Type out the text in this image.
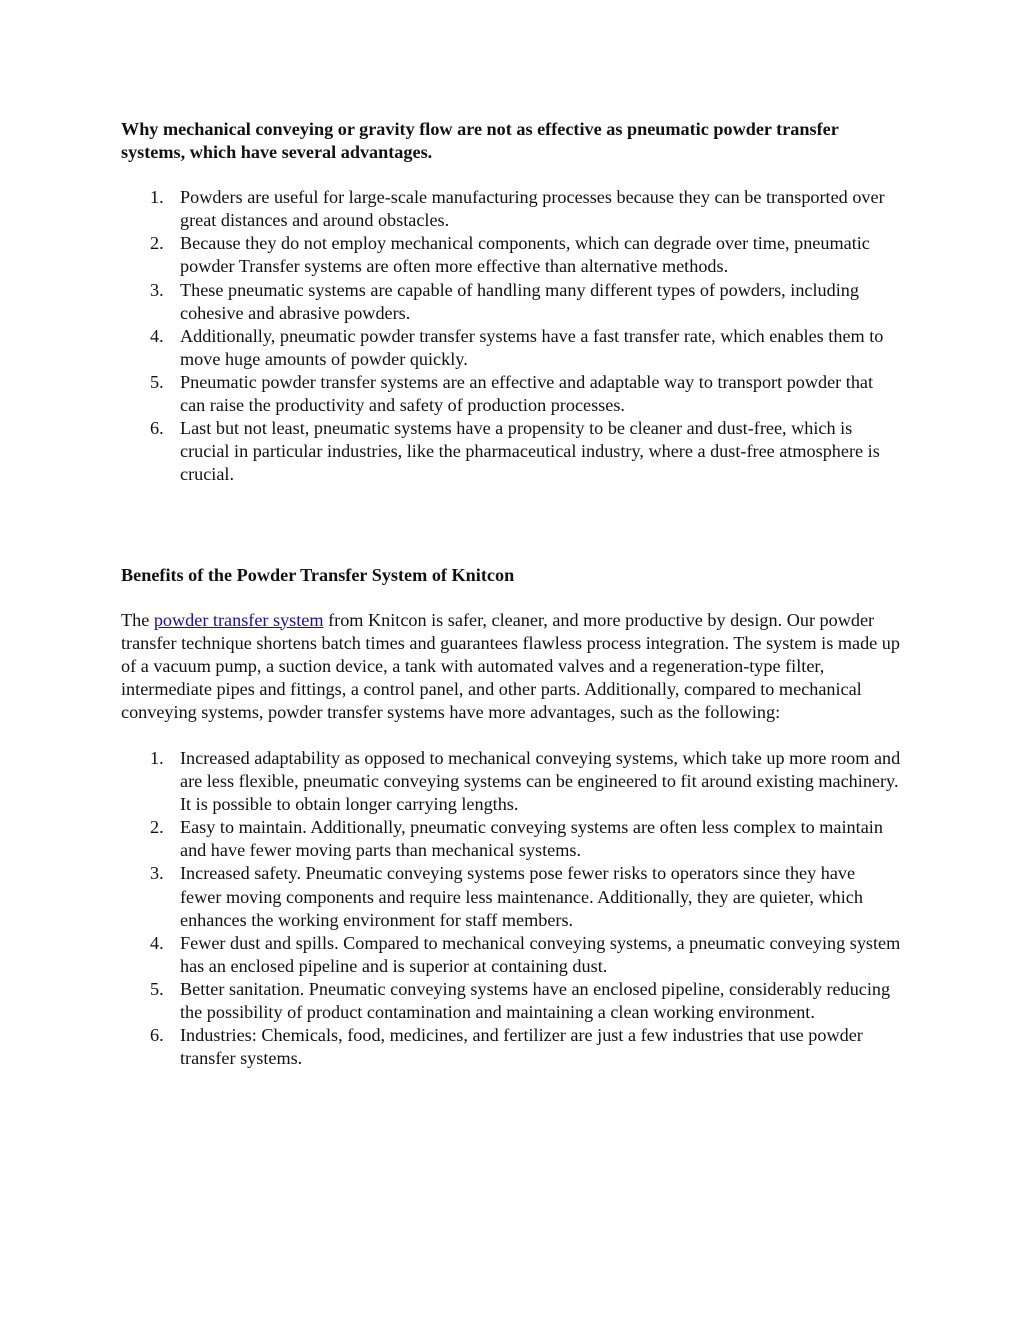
Why mechanical conveying or gravity flow are not as effective as pneumatic powder transfer systems, which have several advantages.

1. Powders are useful for large-scale manufacturing processes because they can be transported over great distances and around obstacles.
2. Because they do not employ mechanical components, which can degrade over time, pneumatic powder Transfer systems are often more effective than alternative methods.
3. These pneumatic systems are capable of handling many different types of powders, including cohesive and abrasive powders.
4. Additionally, pneumatic powder transfer systems have a fast transfer rate, which enables them to move huge amounts of powder quickly.
5. Pneumatic powder transfer systems are an effective and adaptable way to transport powder that can raise the productivity and safety of production processes.
6. Last but not least, pneumatic systems have a propensity to be cleaner and dust-free, which is crucial in particular industries, like the pharmaceutical industry, where a dust-free atmosphere is crucial.

Benefits of the Powder Transfer System of Knitcon

The powder transfer system from Knitcon is safer, cleaner, and more productive by design. Our powder transfer technique shortens batch times and guarantees flawless process integration. The system is made up of a vacuum pump, a suction device, a tank with automated valves and a regeneration-type filter, intermediate pipes and fittings, a control panel, and other parts. Additionally, compared to mechanical conveying systems, powder transfer systems have more advantages, such as the following:

1. Increased adaptability as opposed to mechanical conveying systems, which take up more room and are less flexible, pneumatic conveying systems can be engineered to fit around existing machinery. It is possible to obtain longer carrying lengths.
2. Easy to maintain. Additionally, pneumatic conveying systems are often less complex to maintain and have fewer moving parts than mechanical systems.
3. Increased safety. Pneumatic conveying systems pose fewer risks to operators since they have fewer moving components and require less maintenance. Additionally, they are quieter, which enhances the working environment for staff members.
4. Fewer dust and spills. Compared to mechanical conveying systems, a pneumatic conveying system has an enclosed pipeline and is superior at containing dust.
5. Better sanitation. Pneumatic conveying systems have an enclosed pipeline, considerably reducing the possibility of product contamination and maintaining a clean working environment.
6. Industries: Chemicals, food, medicines, and fertilizer are just a few industries that use powder transfer systems.
